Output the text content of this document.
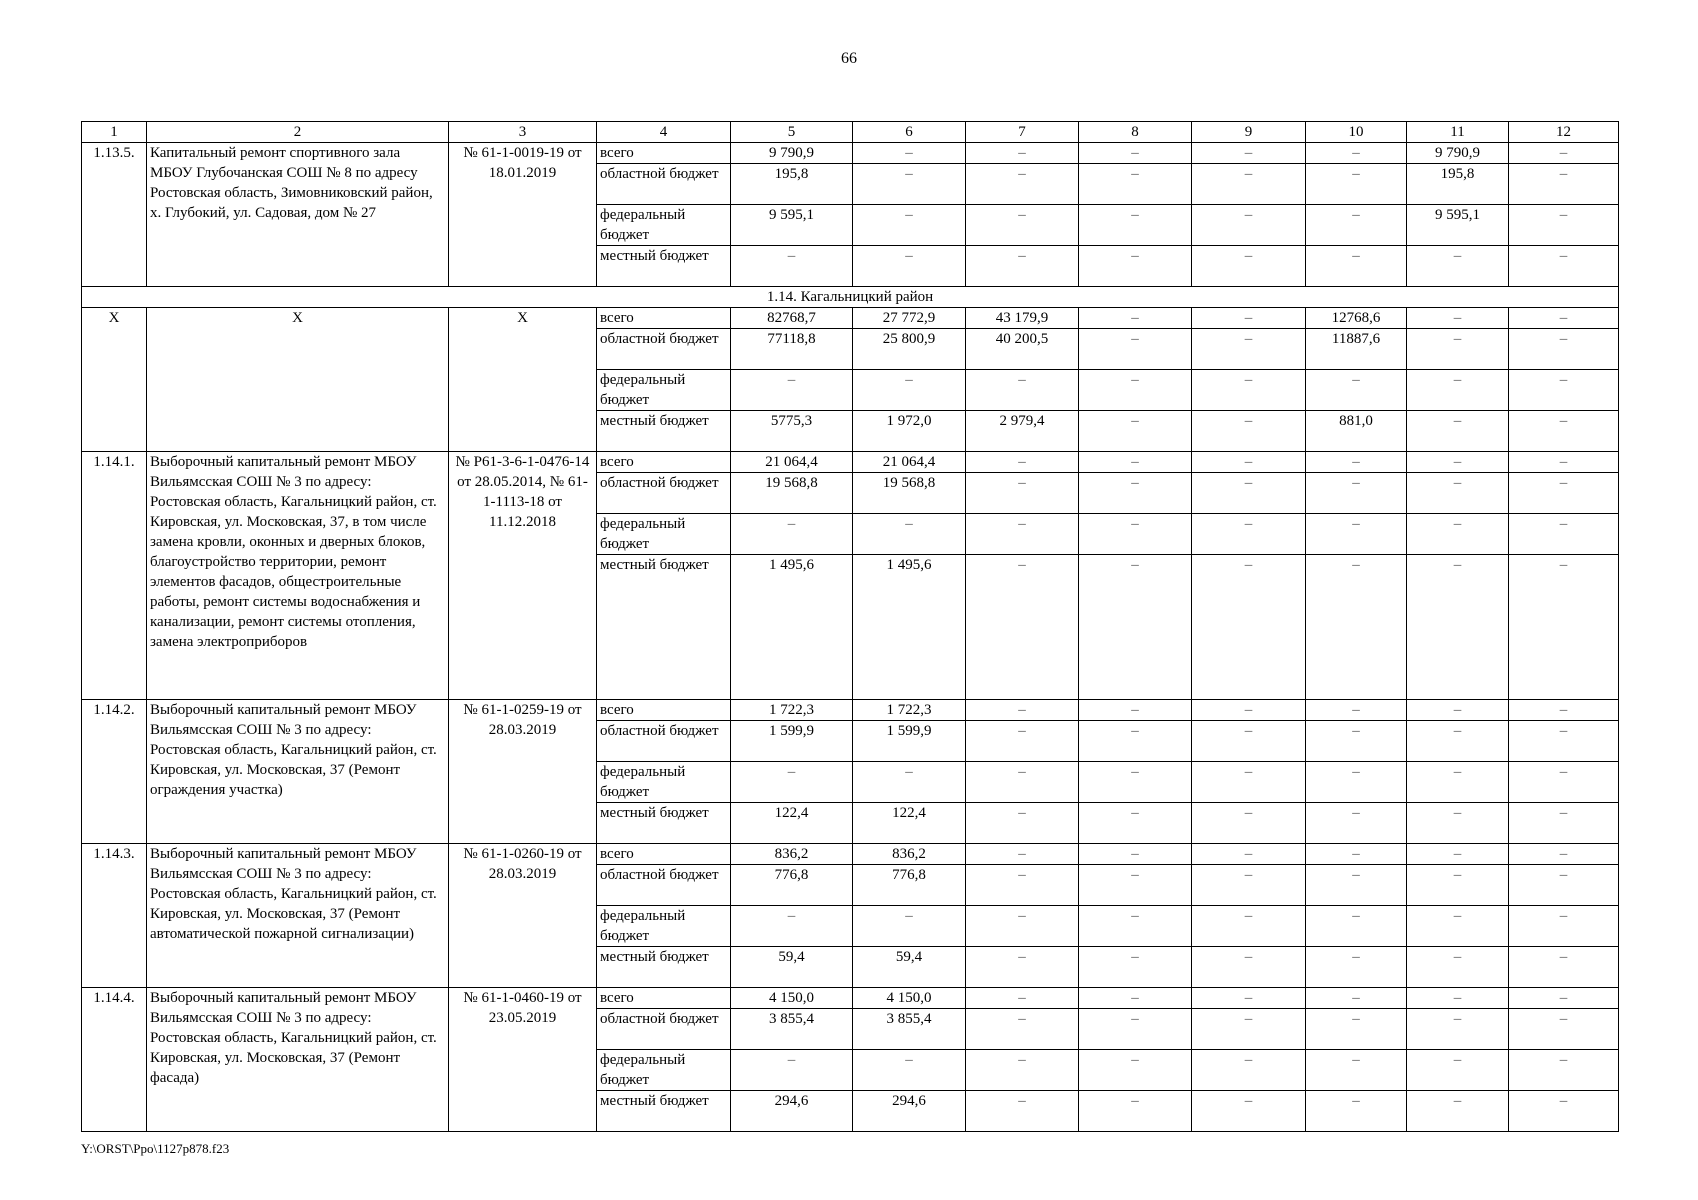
66
1	2	3	4	5	6	7	8	9	10	11	12
1.13.5.	Капитальный ремонт спортивного зала МБОУ Глубочанская СОШ № 8 по адресу Ростовская область, Зимовниковский район, х. Глубокий, ул. Садовая, дом № 27	№ 61-1-0019-19 от 18.01.2019	всего	9 790,9	–	–	–	–	–	9 790,9	–
			областной бюджет	195,8	–	–	–	–	–	195,8	–
			федеральный бюджет	9 595,1	–	–	–	–	–	9 595,1	–
			местный бюджет	–	–	–	–	–	–	–	–
1.14. Кагальницкий район											
Х	Х	Х	всего	82768,7	27 772,9	43 179,9	–	–	12768,6	–	–
			областной бюджет	77118,8	25 800,9	40 200,5	–	–	11887,6	–	–
			федеральный бюджет	–	–	–	–	–	–	–	–
			местный бюджет	5775,3	1 972,0	2 979,4	–	–	881,0	–	–
1.14.1.	Выборочный капитальный ремонт МБОУ Вильямсская СОШ № 3 по адресу: Ростовская область, Кагальницкий район, ст. Кировская, ул. Московская, 37, в том числе замена кровли, оконных и дверных блоков, благоустройство территории, ремонт элементов фасадов, общестроительные работы, ремонт системы водоснабжения и канализации, ремонт системы отопления, замена электроприборов	№ Р61-3-6-1-0476-14 от 28.05.2014, № 61-1-1113-18 от 11.12.2018	всего	21 064,4	21 064,4	–	–	–	–	–	–
			областной бюджет	19 568,8	19 568,8	–	–	–	–	–	–
			федеральный бюджет	–	–	–	–	–	–	–	–
			местный бюджет	1 495,6	1 495,6	–	–	–	–	–	–
1.14.2.	Выборочный капитальный ремонт МБОУ Вильямсская СОШ № 3 по адресу: Ростовская область, Кагальницкий район, ст. Кировская, ул. Московская, 37 (Ремонт ограждения участка)	№ 61-1-0259-19 от 28.03.2019	всего	1 722,3	1 722,3	–	–	–	–	–	–
			областной бюджет	1 599,9	1 599,9	–	–	–	–	–	–
			федеральный бюджет	–	–	–	–	–	–	–	–
			местный бюджет	122,4	122,4	–	–	–	–	–	–
1.14.3.	Выборочный капитальный ремонт МБОУ Вильямсская СОШ № 3 по адресу: Ростовская область, Кагальницкий район, ст. Кировская, ул. Московская, 37 (Ремонт автоматической пожарной сигнализации)	№ 61-1-0260-19 от 28.03.2019	всего	836,2	836,2	–	–	–	–	–	–
			областной бюджет	776,8	776,8	–	–	–	–	–	–
			федеральный бюджет	–	–	–	–	–	–	–	–
			местный бюджет	59,4	59,4	–	–	–	–	–	–
1.14.4.	Выборочный капитальный ремонт МБОУ Вильямсская СОШ № 3 по адресу: Ростовская область, Кагальницкий район, ст. Кировская, ул. Московская, 37 (Ремонт фасада)	№ 61-1-0460-19 от 23.05.2019	всего	4 150,0	4 150,0	–	–	–	–	–	–
			областной бюджет	3 855,4	3 855,4	–	–	–	–	–	–
			федеральный бюджет	–	–	–	–	–	–	–	–
			местный бюджет	294,6	294,6	–	–	–	–	–	–
Y:\ORST\Ppo\1127p878.f23
